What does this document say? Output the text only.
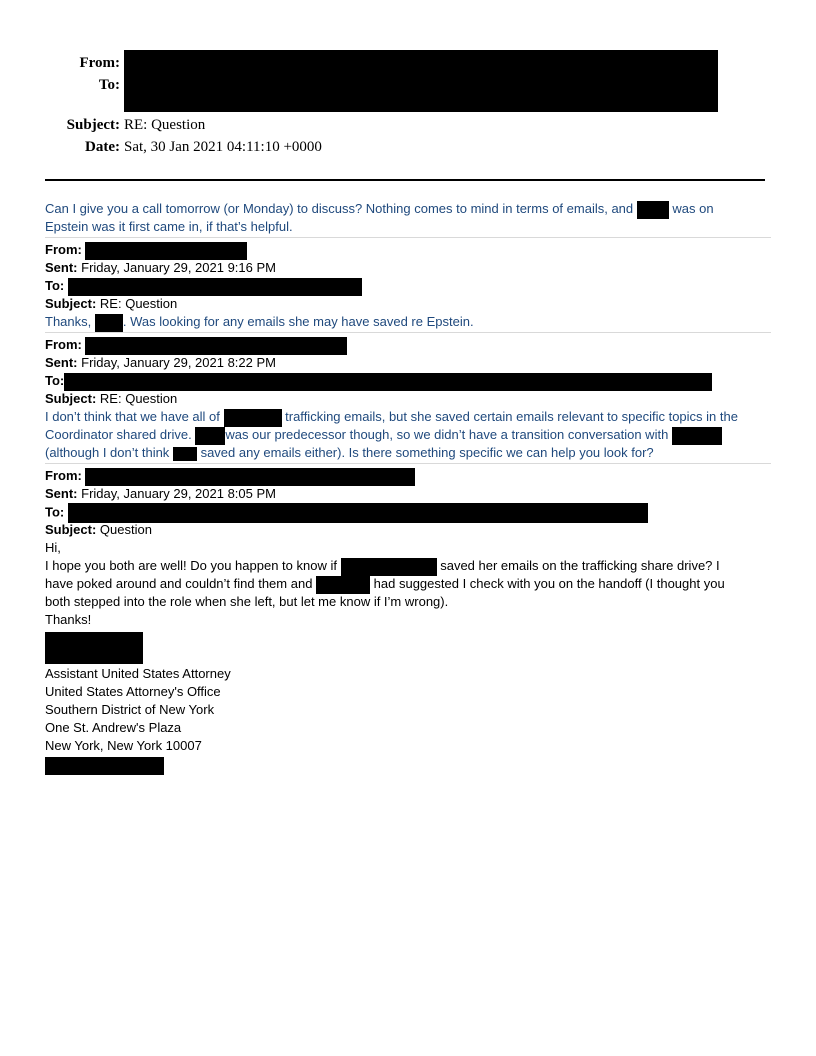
From:
To:
Subject: RE: Question
Date: Sat, 30 Jan 2021 04:11:10 +0000
Can I give you a call tomorrow (or Monday) to discuss? Nothing comes to mind in terms of emails, and	was on
Epstein was it first came in, if that’s helpful.
From:
Sent: Friday, January 29, 2021 9:16 PM
To:
Subject: RE: Question
Thanks, . Was looking for any emails she may have saved re Epstein.
From:
Sent: Friday, January 29, 2021 8:22 PM
To:
Subject: RE: Question
I don’t think that we have all of	trafficking emails, but she saved certain emails relevant to specific topics in the
Coordinator shared drive.	was our predecessor though, so we didn’t have a transition conversation with
(although I don’t think saved any emails either). Is there something specific we can help you look for?
From:
Sent: Friday, January 29, 2021 8:05 PM
To:
Subject: Question
Hi,
I hope you both are well! Do you happen to know if	saved her emails on the trafficking share drive? I
have poked around and couldn’t find them and	had suggested I check with you on the handoff (I thought you
both stepped into the role when she left, but let me know if I’m wrong).
Thanks!
Assistant United States Attorney
United States Attorney's Office
Southern District of New York
One St. Andrew's Plaza
New York, New York 10007
